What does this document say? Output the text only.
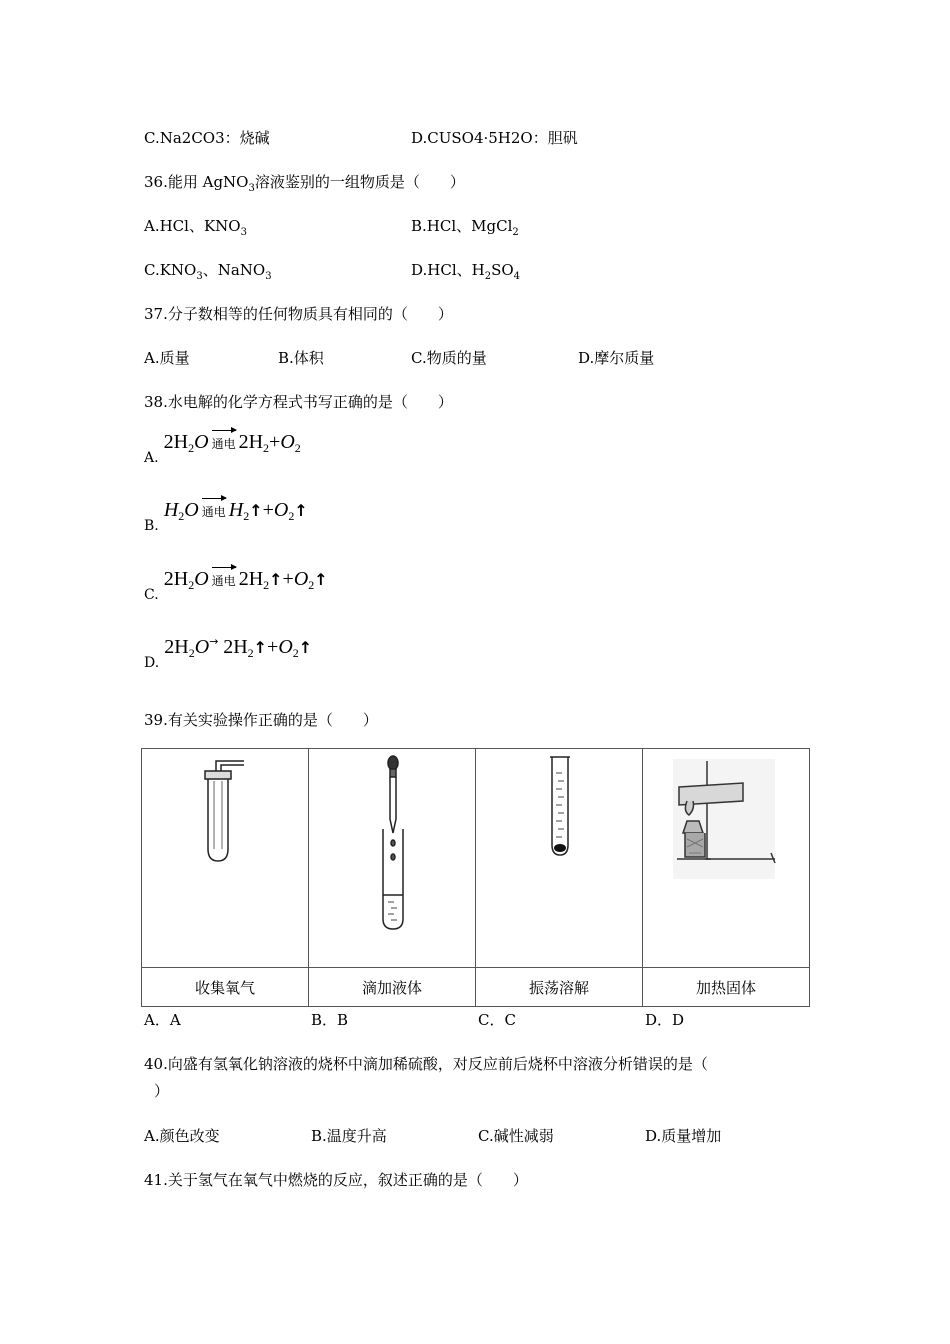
C.Na2CO3：烧碱	D.CUSO4·5H2O：胆矾
36.能用 AgNO$_3$溶液鉴别的一组物质是（　　）
A.HCl、$KNO_3$	B.HCl、MgCl$_2$
$C.KNO_3$、NaNO$_3$	D.HCl、$H_2SO_4$
37.分子数相等的任何物质具有相同的（　　）
A.质量	B.体积	C.物质的量	D.摩尔质量
38.水电解的化学方程式书写正确的是（　　）
A. $2H_2O$ 通电 $2H_2+O_2$
B. $H_2O$ 通电 $H_2↑+O_2↑$
C. $2H_2O$ 通电 $2H_2↑+O_2↑$
D. $2H_2O\to$ $2H_2↑+O_2↑$
39.有关实验操作正确的是（　　）

收集氧气	滴加液体	振荡溶解	加热固体
A．A	B．B	C．C	D．D
40.向盛有氢氧化钠溶液的烧杯中滴加稀硫酸，对反应前后烧杯中溶液分析错误的是（
）
A.颜色改变	B.温度升高	C.碱性减弱	D.质量增加
41.关于氢气在氧气中燃烧的反应，叙述正确的是（　　）
